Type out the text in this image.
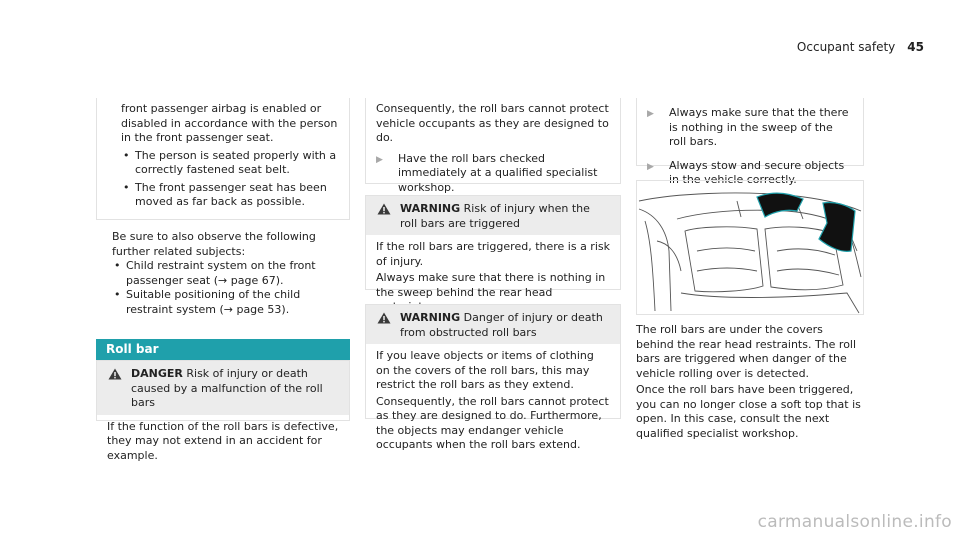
Occupant safety 45

front passenger airbag is enabled or disabled in accordance with the person in the front passenger seat.

• The person is seated properly with a correctly fastened seat belt.

• The front passenger seat has been moved as far back as possible.

Be sure to also observe the following further related subjects:

• Child restraint system on the front passenger seat (→ page 67).

• Suitable positioning of the child restraint system (→ page 53).

Roll bar
DANGER Risk of injury or death caused by a malfunction of the roll bars

If the function of the roll bars is defective, they may not extend in an accident for example.

Consequently, the roll bars cannot protect vehicle occupants as they are designed to do.

▶ Have the roll bars checked immediately at a qualified specialist workshop.

WARNING Risk of injury when the roll bars are triggered

If the roll bars are triggered, there is a risk of injury.

Always make sure that there is nothing in the sweep behind the rear head

WARNING Danger of injury or death from obstructed roll bars

If you leave objects or items of clothing on the covers of the roll bars, this may restrict the roll bars as they extend.

Consequently, the roll bars cannot protect as they are designed to do. Furthermore, the objects may endanger vehicle occupants when the roll bars extend.

▶ Always make sure that the there is nothing in the sweep of the roll bars.

▶ Always stow and secure objects in the vehicle correctly.

The roll bars are under the covers behind the rear head restraints. The roll bars are triggered when danger of the vehicle rolling over is detected.

Once the roll bars have been triggered, you can no longer close a soft top that is open. In this case, consult the next qualified specialist workshop.

carmanualsonline.info
